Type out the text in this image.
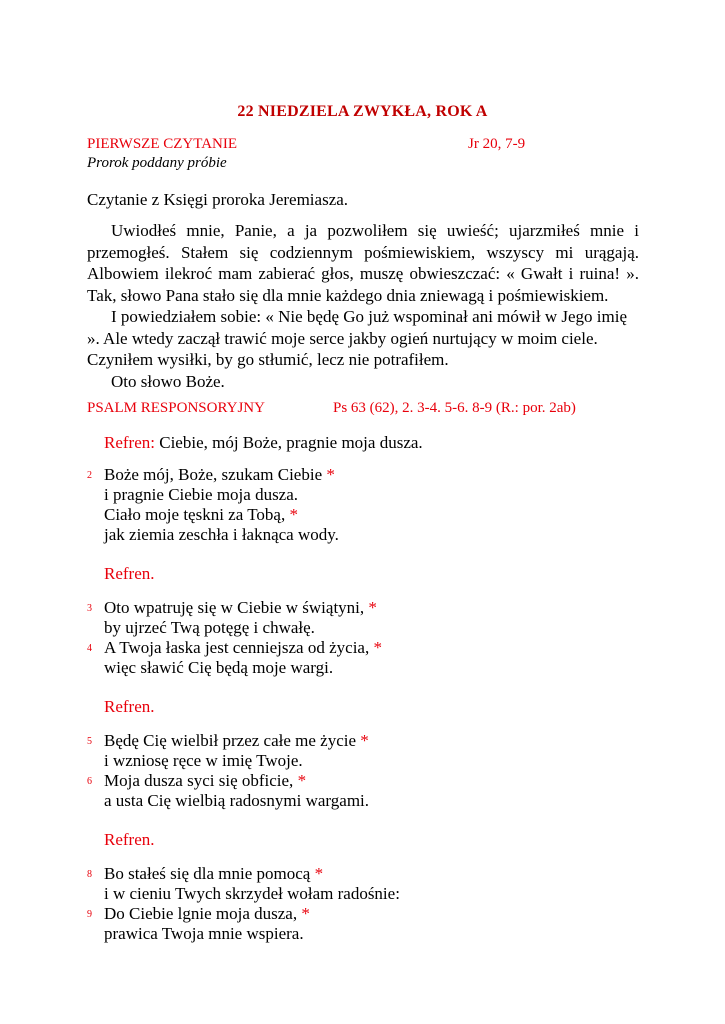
22 NIEDZIELA ZWYKŁA, ROK A
PIERWSZE CZYTANIE	Jr 20, 7-9
Prorok poddany próbie
Czytanie z Księgi proroka Jeremiasza.

Uwiodłeś mnie, Panie, a ja pozwoliłem się uwieść; ujarzmiłeś mnie i przemogłeś. Stałem się codziennym pośmiewiskiem, wszyscy mi urągają. Albowiem ilekroć mam zabierać głos, muszę obwieszczać: « Gwałt i ruina! ». Tak, słowo Pana stało się dla mnie każdego dnia zniewagą i pośmiewiskiem.

I powiedziałem sobie: « Nie będę Go już wspominał ani mówił w Jego imię ». Ale wtedy zaczął trawić moje serce jakby ogień nurtujący w moim ciele. Czyniłem wysiłki, by go stłumić, lecz nie potrafiłem.

Oto słowo Boże.

PSALM RESPONSORYJNY	Ps 63 (62), 2. 3-4. 5-6. 8-9 (R.: por. 2ab)
Refren: Ciebie, mój Boże, pragnie moja dusza.
2 Boże mój, Boże, szukam Ciebie *
i pragnie Ciebie moja dusza.
Ciało moje tęskni za Tobą, *
jak ziemia zeschła i łaknąca wody.
Refren.
3 Oto wpatruję się w Ciebie w świątyni, *
by ujrzeć Twą potęgę i chwałę.
4 A Twoja łaska jest cenniejsza od życia, *
więc sławić Cię będą moje wargi.
Refren.
5 Będę Cię wielbił przez całe me życie *
i wzniosę ręce w imię Twoje.
6 Moja dusza syci się obficie, *
a usta Cię wielbią radosnymi wargami.
Refren.
8 Bo stałeś się dla mnie pomocą *
i w cieniu Twych skrzydeł wołam radośnie:
9 Do Ciebie lgnie moja dusza, *
prawica Twoja mnie wspiera.
